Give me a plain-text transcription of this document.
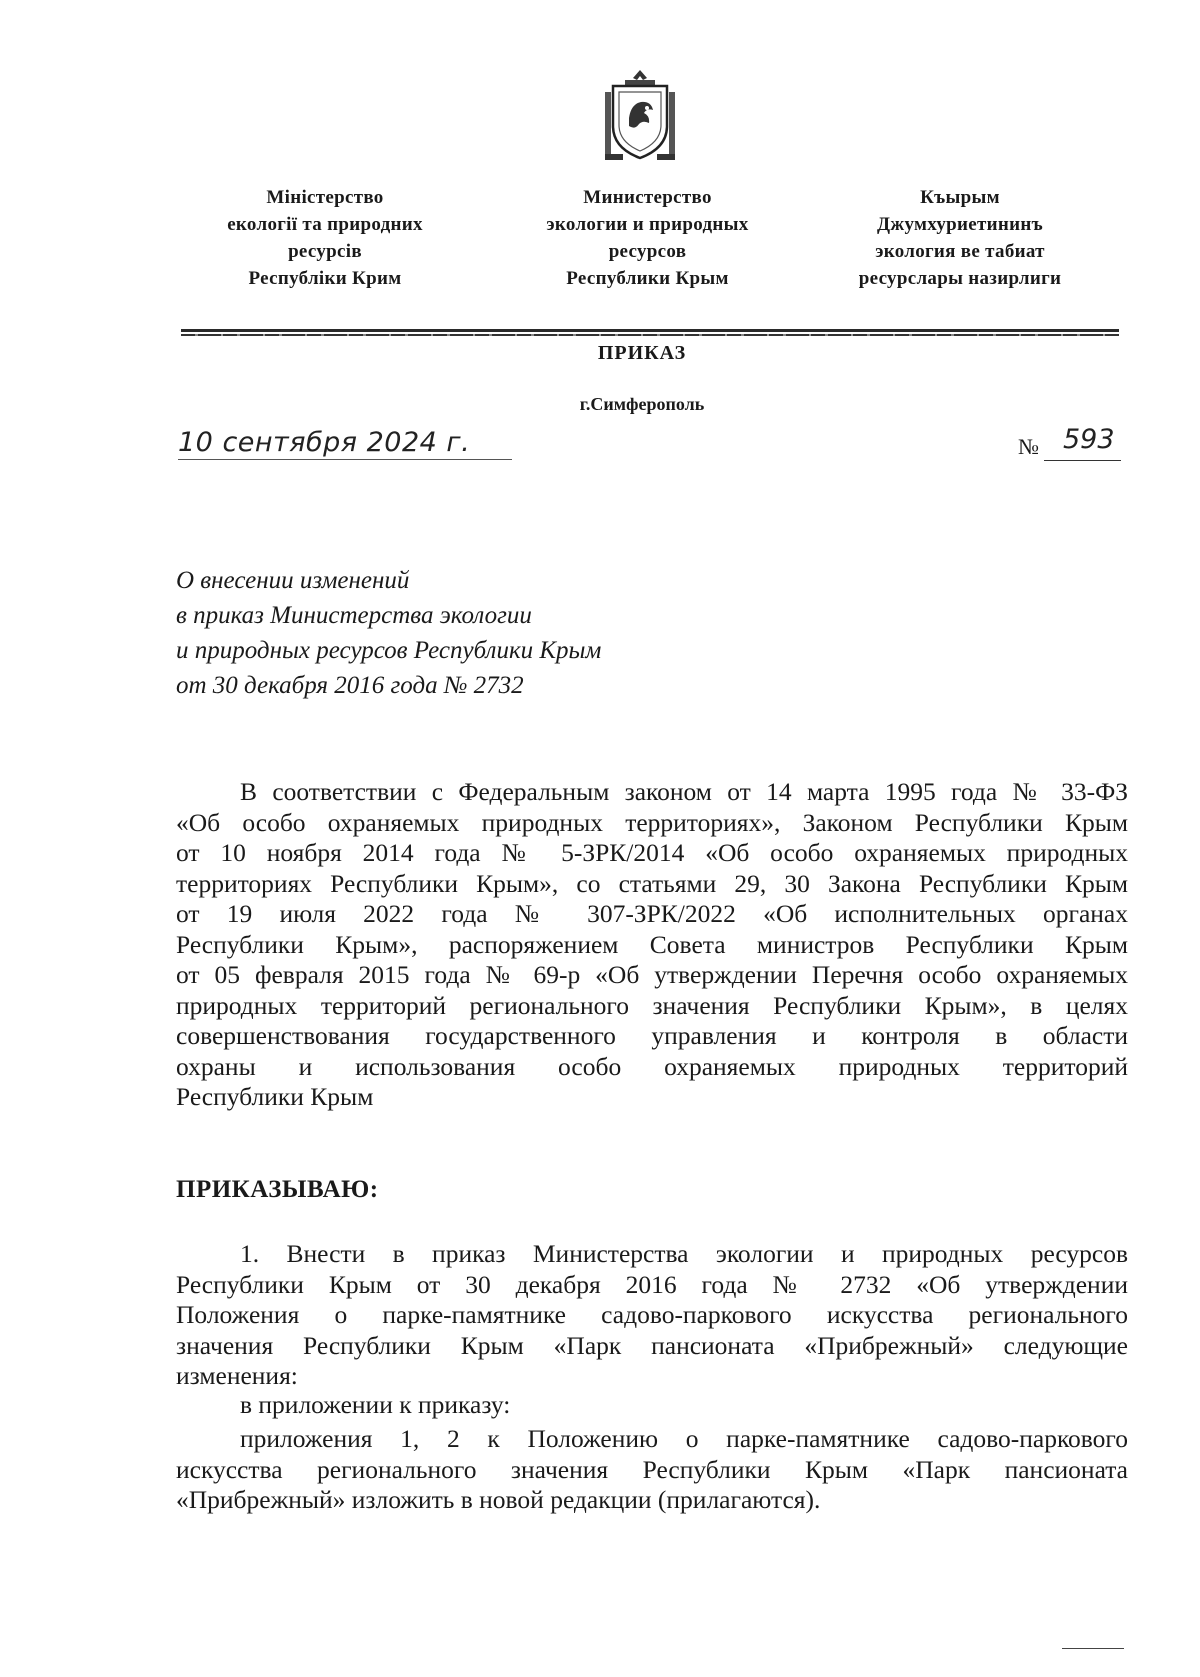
Міністерство
екології та природних
ресурсів
Республіки Крим
Министерство
экологии и природных
ресурсов
Республики Крым
Къырым
Джумхуриетининъ
экология ве табиат
ресурслары назирлиги
ПРИКАЗ
г.Симферополь
10 сентября 2024 г.	№ 593
О внесении изменений
в приказ Министерства экологии
и природных ресурсов Республики Крым
от 30 декабря 2016 года № 2732
В соответствии с Федеральным законом от 14 марта 1995 года № 33-ФЗ
«Об особо охраняемых природных территориях», Законом Республики Крым
от 10 ноября 2014 года № 5-ЗРК/2014 «Об особо охраняемых природных
территориях Республики Крым», со статьями 29, 30 Закона Республики Крым
от 19 июля 2022 года № 307-ЗРК/2022 «Об исполнительных органах
Республики Крым», распоряжением Совета министров Республики Крым
от 05 февраля 2015 года № 69-р «Об утверждении Перечня особо охраняемых
природных территорий регионального значения Республики Крым», в целях
совершенствования государственного управления и контроля в области
охраны и использования особо охраняемых природных территорий
Республики Крым
ПРИКАЗЫВАЮ:
1. Внести в приказ Министерства экологии и природных ресурсов
Республики Крым от 30 декабря 2016 года № 2732 «Об утверждении
Положения о парке-памятнике садово-паркового искусства регионального
значения Республики Крым «Парк пансионата «Прибрежный» следующие
изменения:
в приложении к приказу:
приложения 1, 2 к Положению о парке-памятнике садово-паркового
искусства регионального значения Республики Крым «Парк пансионата
«Прибрежный» изложить в новой редакции (прилагаются).
